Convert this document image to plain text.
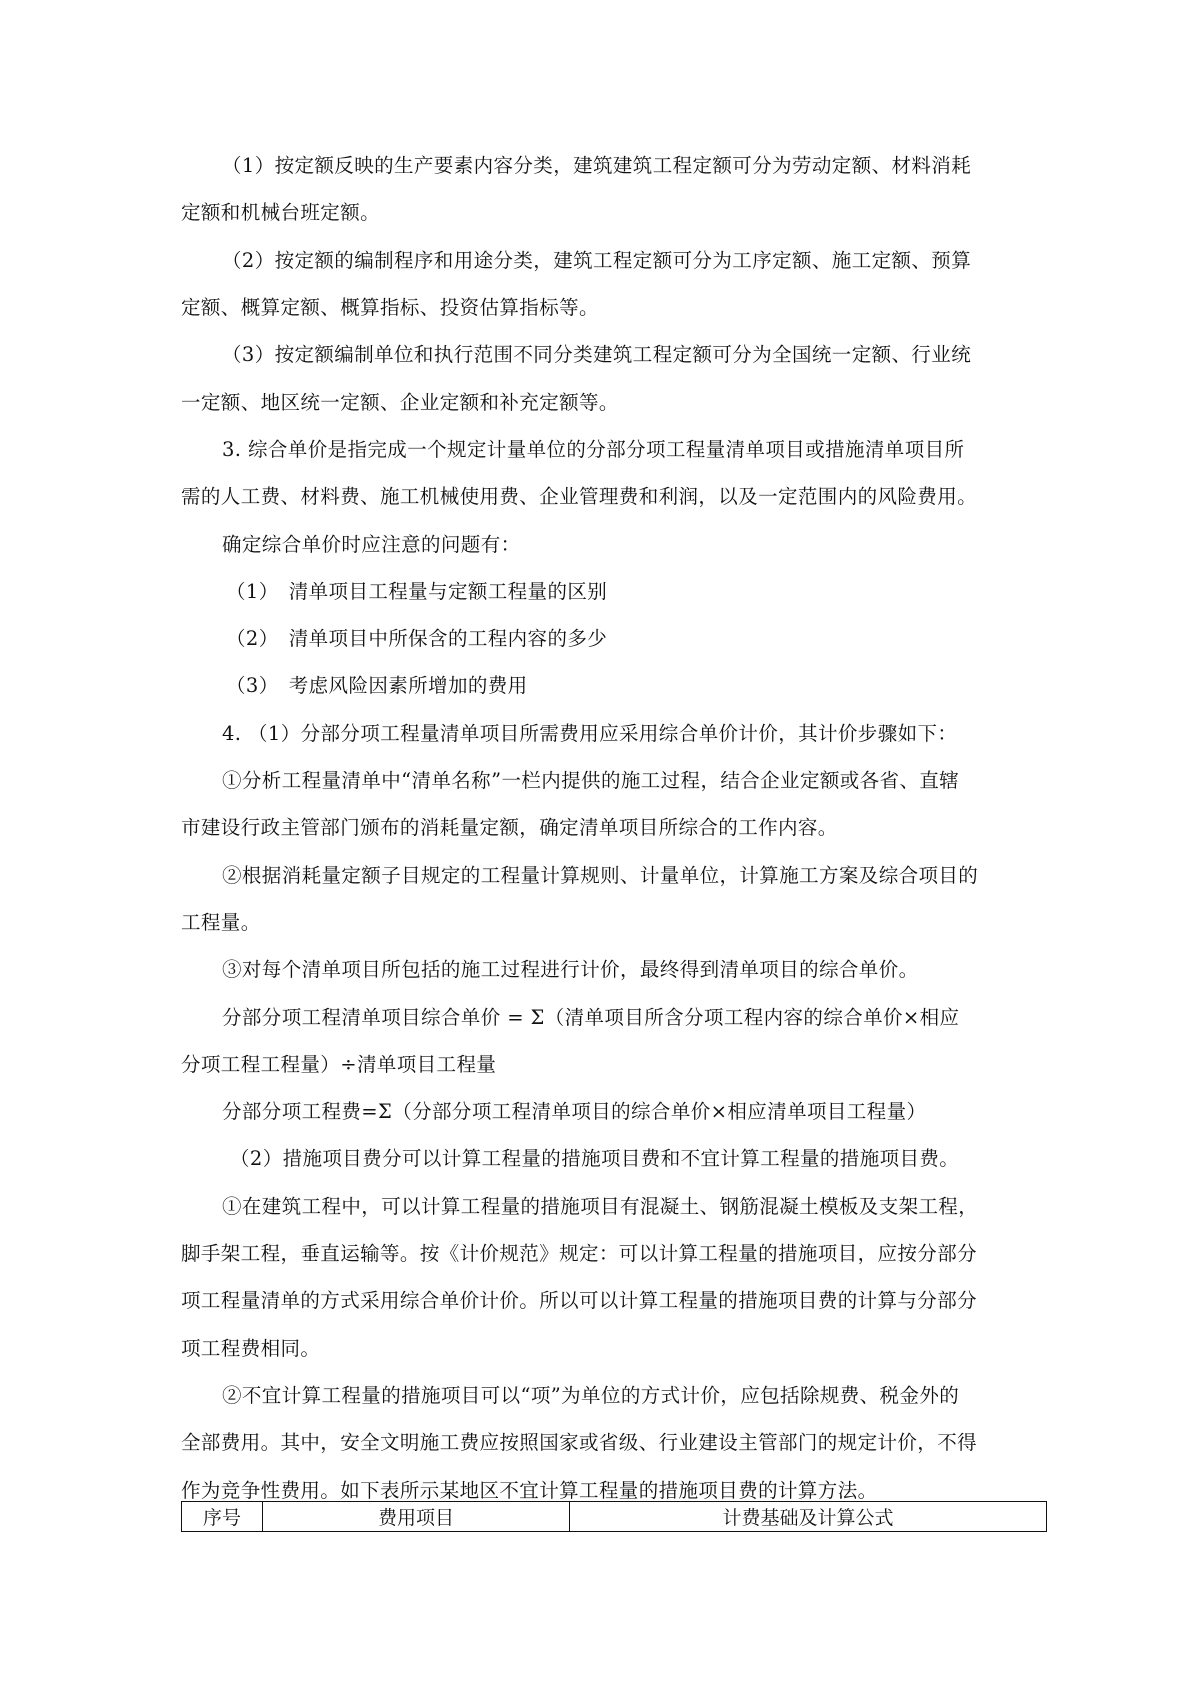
（1）按定额反映的生产要素内容分类，建筑建筑工程定额可分为劳动定额、材料消耗
定额和机械台班定额。
（2）按定额的编制程序和用途分类，建筑工程定额可分为工序定额、施工定额、预算
定额、概算定额、概算指标、投资估算指标等。
（3）按定额编制单位和执行范围不同分类建筑工程定额可分为全国统一定额、行业统
一定额、地区统一定额、企业定额和补充定额等。
3. 综合单价是指完成一个规定计量单位的分部分项工程量清单项目或措施清单项目所
需的人工费、材料费、施工机械使用费、企业管理费和利润，以及一定范围内的风险费用。
确定综合单价时应注意的问题有：
（1）　清单项目工程量与定额工程量的区别
（2）　清单项目中所保含的工程内容的多少
（3）　考虑风险因素所增加的费用
4. （1）分部分项工程量清单项目所需费用应采用综合单价计价，其计价步骤如下：
①分析工程量清单中“清单名称”一栏内提供的施工过程，结合企业定额或各省、直辖
市建设行政主管部门颁布的消耗量定额，确定清单项目所综合的工作内容。
②根据消耗量定额子目规定的工程量计算规则、计量单位，计算施工方案及综合项目的
工程量。
③对每个清单项目所包括的施工过程进行计价，最终得到清单项目的综合单价。
分部分项工程清单项目综合单价 = Σ（清单项目所含分项工程内容的综合单价×相应
分项工程工程量）÷清单项目工程量
分部分项工程费=Σ（分部分项工程清单项目的综合单价×相应清单项目工程量）
（2）措施项目费分可以计算工程量的措施项目费和不宜计算工程量的措施项目费。
①在建筑工程中，可以计算工程量的措施项目有混凝土、钢筋混凝土模板及支架工程，
脚手架工程，垂直运输等。按《计价规范》规定：可以计算工程量的措施项目，应按分部分
项工程量清单的方式采用综合单价计价。所以可以计算工程量的措施项目费的计算与分部分
项工程费相同。
②不宜计算工程量的措施项目可以“项”为单位的方式计价，应包括除规费、税金外的
全部费用。其中，安全文明施工费应按照国家或省级、行业建设主管部门的规定计价，不得
作为竞争性费用。如下表所示某地区不宜计算工程量的措施项目费的计算方法。
序号	费用项目	计费基础及计算公式
